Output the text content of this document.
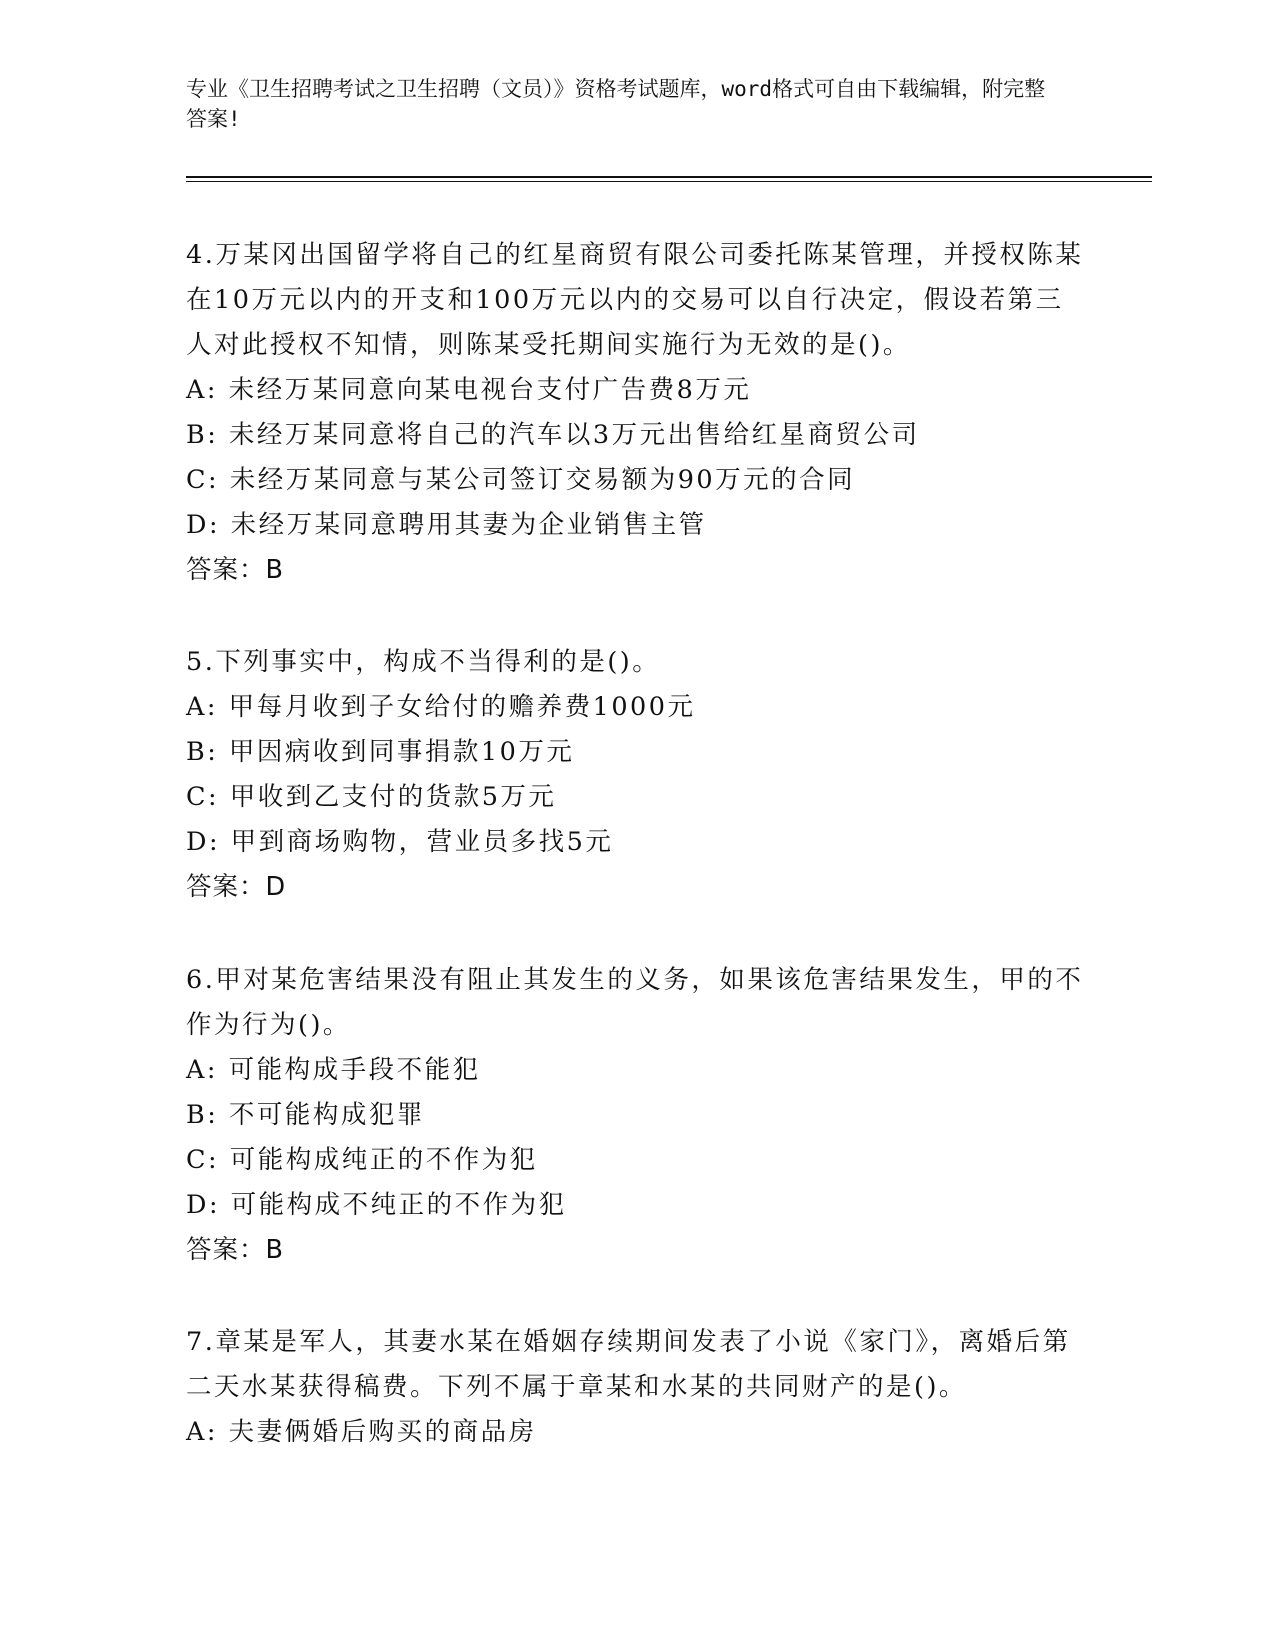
专业《卫生招聘考试之卫生招聘（文员）》资格考试题库，word格式可自由下载编辑，附完整答案!
4.万某冈出国留学将自己的红星商贸有限公司委托陈某管理，并授权陈某在10万元以内的开支和100万元以内的交易可以自行决定，假设若第三人对此授权不知情，则陈某受托期间实施行为无效的是()。
A: 未经万某同意向某电视台支付广告费8万元
B: 未经万某同意将自己的汽车以3万元出售给红星商贸公司
C: 未经万某同意与某公司签订交易额为90万元的合同
D: 未经万某同意聘用其妻为企业销售主管
答案：B
5.下列事实中，构成不当得利的是()。
A: 甲每月收到子女给付的赡养费1000元
B: 甲因病收到同事捐款10万元
C: 甲收到乙支付的货款5万元
D: 甲到商场购物，营业员多找5元
答案：D
6.甲对某危害结果没有阻止其发生的义务，如果该危害结果发生，甲的不作为行为()。
A: 可能构成手段不能犯
B: 不可能构成犯罪
C: 可能构成纯正的不作为犯
D: 可能构成不纯正的不作为犯
答案：B
7.章某是军人，其妻水某在婚姻存续期间发表了小说《家门》，离婚后第二天水某获得稿费。下列不属于章某和水某的共同财产的是()。
A: 夫妻俩婚后购买的商品房
